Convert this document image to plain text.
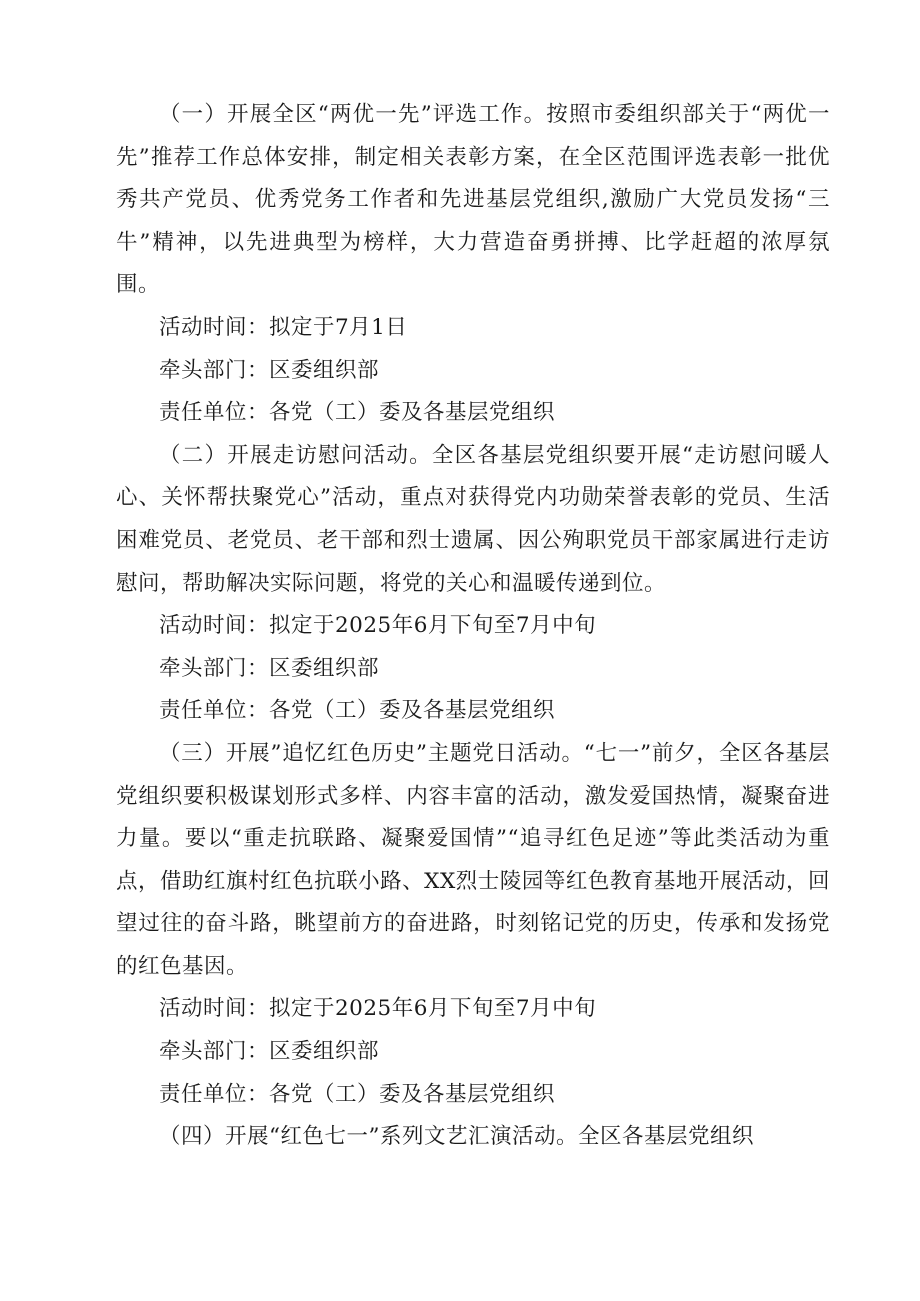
（一）开展全区“两优一先”评选工作。按照市委组织部关于“两优一先”推荐工作总体安排，制定相关表彰方案，在全区范围评选表彰一批优秀共产党员、优秀党务工作者和先进基层党组织,激励广大党员发扬“三牛”精神，以先进典型为榜样，大力营造奋勇拼搏、比学赶超的浓厚氛围。

活动时间：拟定于7月1日

牵头部门：区委组织部

责任单位：各党（工）委及各基层党组织

（二）开展走访慰问活动。全区各基层党组织要开展“走访慰问暖人心、关怀帮扶聚党心”活动，重点对获得党内功勋荣誉表彰的党员、生活困难党员、老党员、老干部和烈士遗属、因公殉职党员干部家属进行走访慰问，帮助解决实际问题，将党的关心和温暖传递到位。

活动时间：拟定于2025年6月下旬至7月中旬

牵头部门：区委组织部

责任单位：各党（工）委及各基层党组织

（三）开展”追忆红色历史”主题党日活动。“七一”前夕，全区各基层党组织要积极谋划形式多样、内容丰富的活动，激发爱国热情，凝聚奋进力量。要以“重走抗联路、凝聚爱国情”“追寻红色足迹”等此类活动为重点，借助红旗村红色抗联小路、XX烈士陵园等红色教育基地开展活动，回望过往的奋斗路，眺望前方的奋进路，时刻铭记党的历史，传承和发扬党的红色基因。

活动时间：拟定于2025年6月下旬至7月中旬

牵头部门：区委组织部

责任单位：各党（工）委及各基层党组织

（四）开展“红色七一”系列文艺汇演活动。全区各基层党组织
